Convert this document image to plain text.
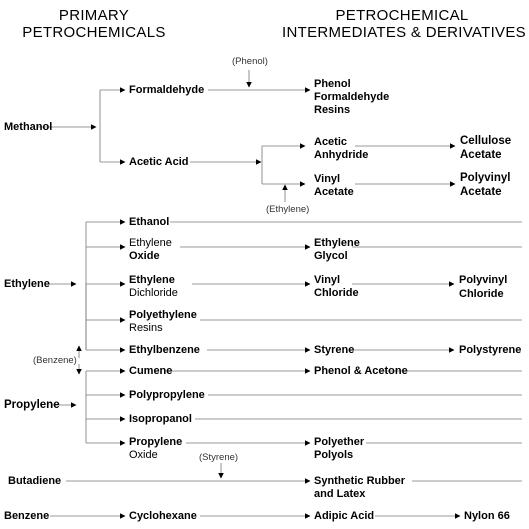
PRIMARY
PETROCHEMICALS
PETROCHEMICAL
INTERMEDIATES & DERIVATIVES
Methanol
Ethylene
Propylene
Butadiene
Benzene
(Phenol)
(Ethylene)
(Benzene)
(Styrene)
Formaldehyde
Acetic Acid
Ethanol
Ethylene
Oxide
Ethylene
Dichloride
Polyethylene
Resins
Ethylbenzene
Cumene
Polypropylene
Isopropanol
Propylene
Oxide
Cyclohexane
Phenol
Formaldehyde
Resins
Acetic
Anhydride
Vinyl
Acetate
Ethylene
Glycol
Vinyl
Chloride
Styrene
Phenol & Acetone
Polyether
Polyols
Synthetic Rubber
and Latex
Adipic Acid
Cellulose
Acetate
Polyvinyl
Acetate
Polyvinyl
Chloride
Polystyrene
Nylon 66
